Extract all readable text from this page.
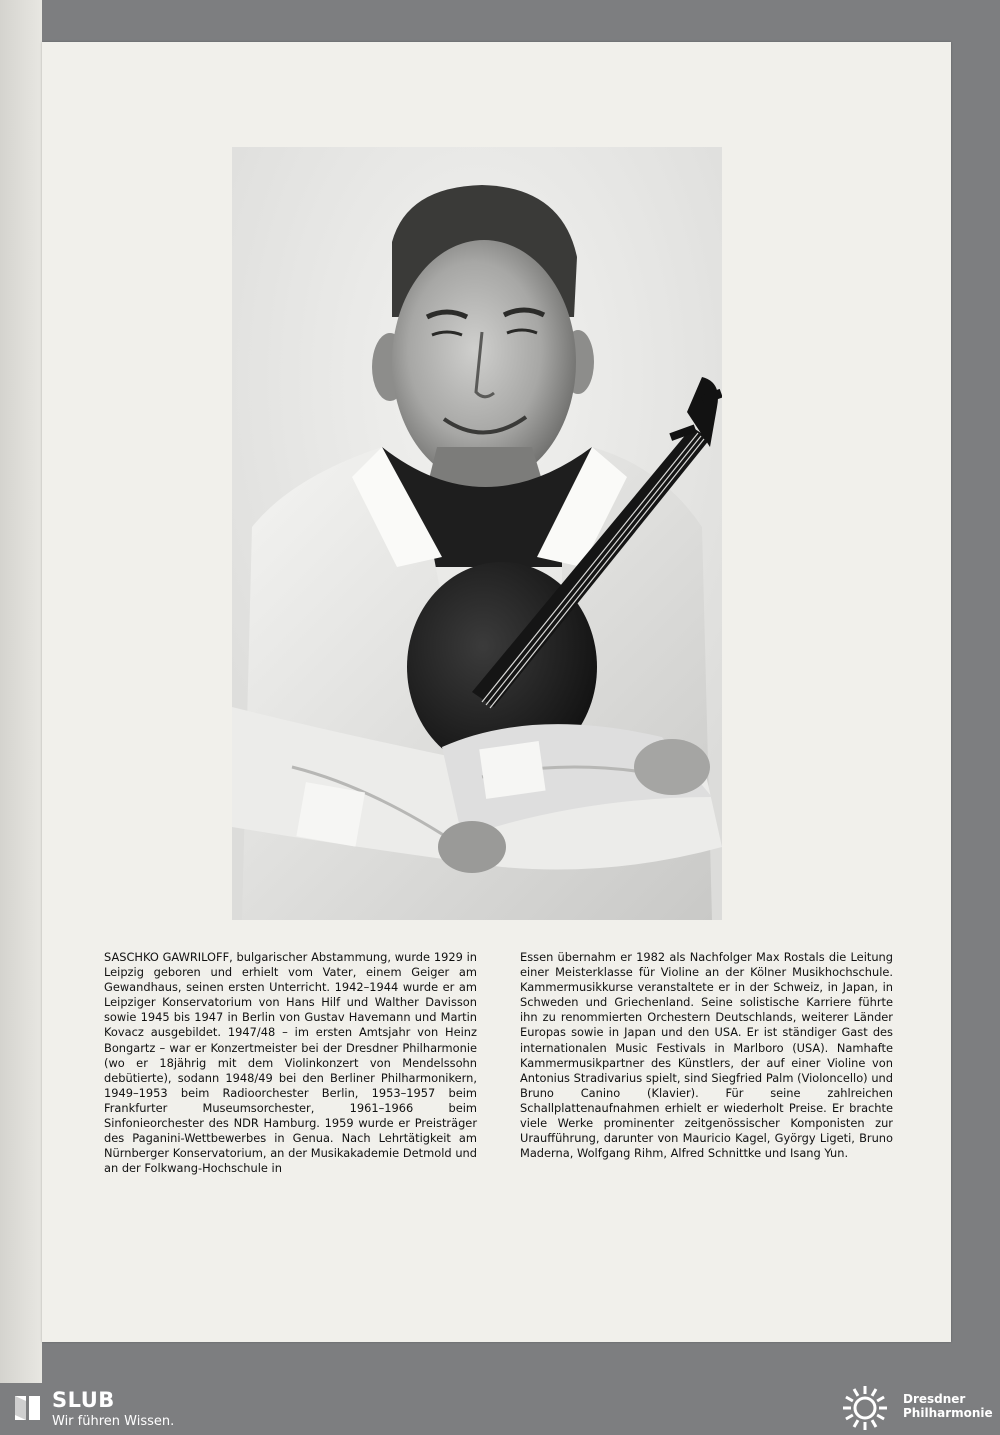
SASCHKO GAWRILOFF, bulgarischer Abstammung, wurde 1929 in Leipzig geboren und erhielt vom Vater, einem Geiger am Gewandhaus, seinen ersten Unterricht. 1942–1944 wurde er am Leipziger Konservatorium von Hans Hilf und Walther Davisson sowie 1945 bis 1947 in Berlin von Gustav Havemann und Martin Kovacz ausgebildet. 1947/48 – im ersten Amtsjahr von Heinz Bongartz – war er Konzertmeister bei der Dresdner Philharmonie (wo er 18jährig mit dem Violinkonzert von Mendelssohn debütierte), sodann 1948/49 bei den Berliner Philharmonikern, 1949–1953 beim Radioorchester Berlin, 1953–1957 beim Frankfurter Museumsorchester, 1961–1966 beim Sinfonieorchester des NDR Hamburg. 1959 wurde er Preisträger des Paganini-Wettbewerbes in Genua. Nach Lehrtätigkeit am Nürnberger Konservatorium, an der Musikakademie Detmold und an der Folkwang-Hochschule in
Essen übernahm er 1982 als Nachfolger Max Rostals die Leitung einer Meisterklasse für Violine an der Kölner Musikhochschule. Kammermusikkurse veranstaltete er in der Schweiz, in Japan, in Schweden und Griechenland. Seine solistische Karriere führte ihn zu renommierten Orchestern Deutschlands, weiterer Länder Europas sowie in Japan und den USA. Er ist ständiger Gast des internationalen Music Festivals in Marlboro (USA). Namhafte Kammermusikpartner des Künstlers, der auf einer Violine von Antonius Stradivarius spielt, sind Siegfried Palm (Violoncello) und Bruno Canino (Klavier). Für seine zahlreichen Schallplattenaufnahmen erhielt er wiederholt Preise. Er brachte viele Werke prominenter zeitgenössischer Komponisten zur Uraufführung, darunter von Mauricio Kagel, György Ligeti, Bruno Maderna, Wolfgang Rihm, Alfred Schnittke und Isang Yun.
SLUB
Wir führen Wissen.
Dresdner
Philharmonie
